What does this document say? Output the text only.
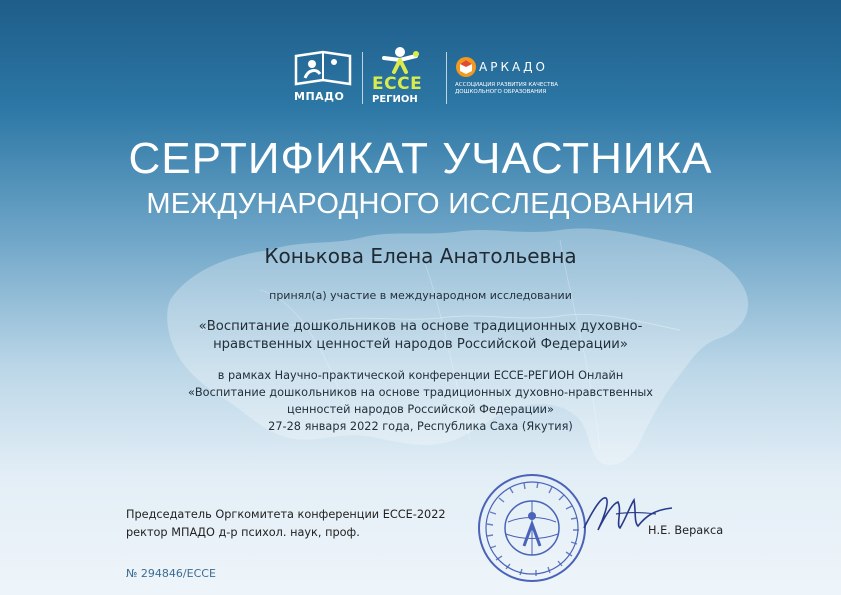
МПАДО
ECCE
РЕГИОН
АРКАДО
АССОЦИАЦИЯ РАЗВИТИЯ КАЧЕСТВА
ДОШКОЛЬНОГО ОБРАЗОВАНИЯ
СЕРТИФИКАТ УЧАСТНИКА
МЕЖДУНАРОДНОГО ИССЛЕДОВАНИЯ
Конькова Елена Анатольевна
принял(а) участие в международном исследовании
«Воспитание дошкольников на основе традиционных духовно-
нравственных ценностей народов Российской Федерации»
в рамках Научно-практической конференции ECCE-РЕГИОН Онлайн
«Воспитание дошкольников на основе традиционных духовно-нравственных
ценностей народов Российской Федерации»
27-28 января 2022 года, Республика Саха (Якутия)
Председатель Оргкомитета конференции ECCE-2022
ректор МПАДО д-р психол. наук, проф.	Н.Е. Веракса
№ 294846/ECCE
